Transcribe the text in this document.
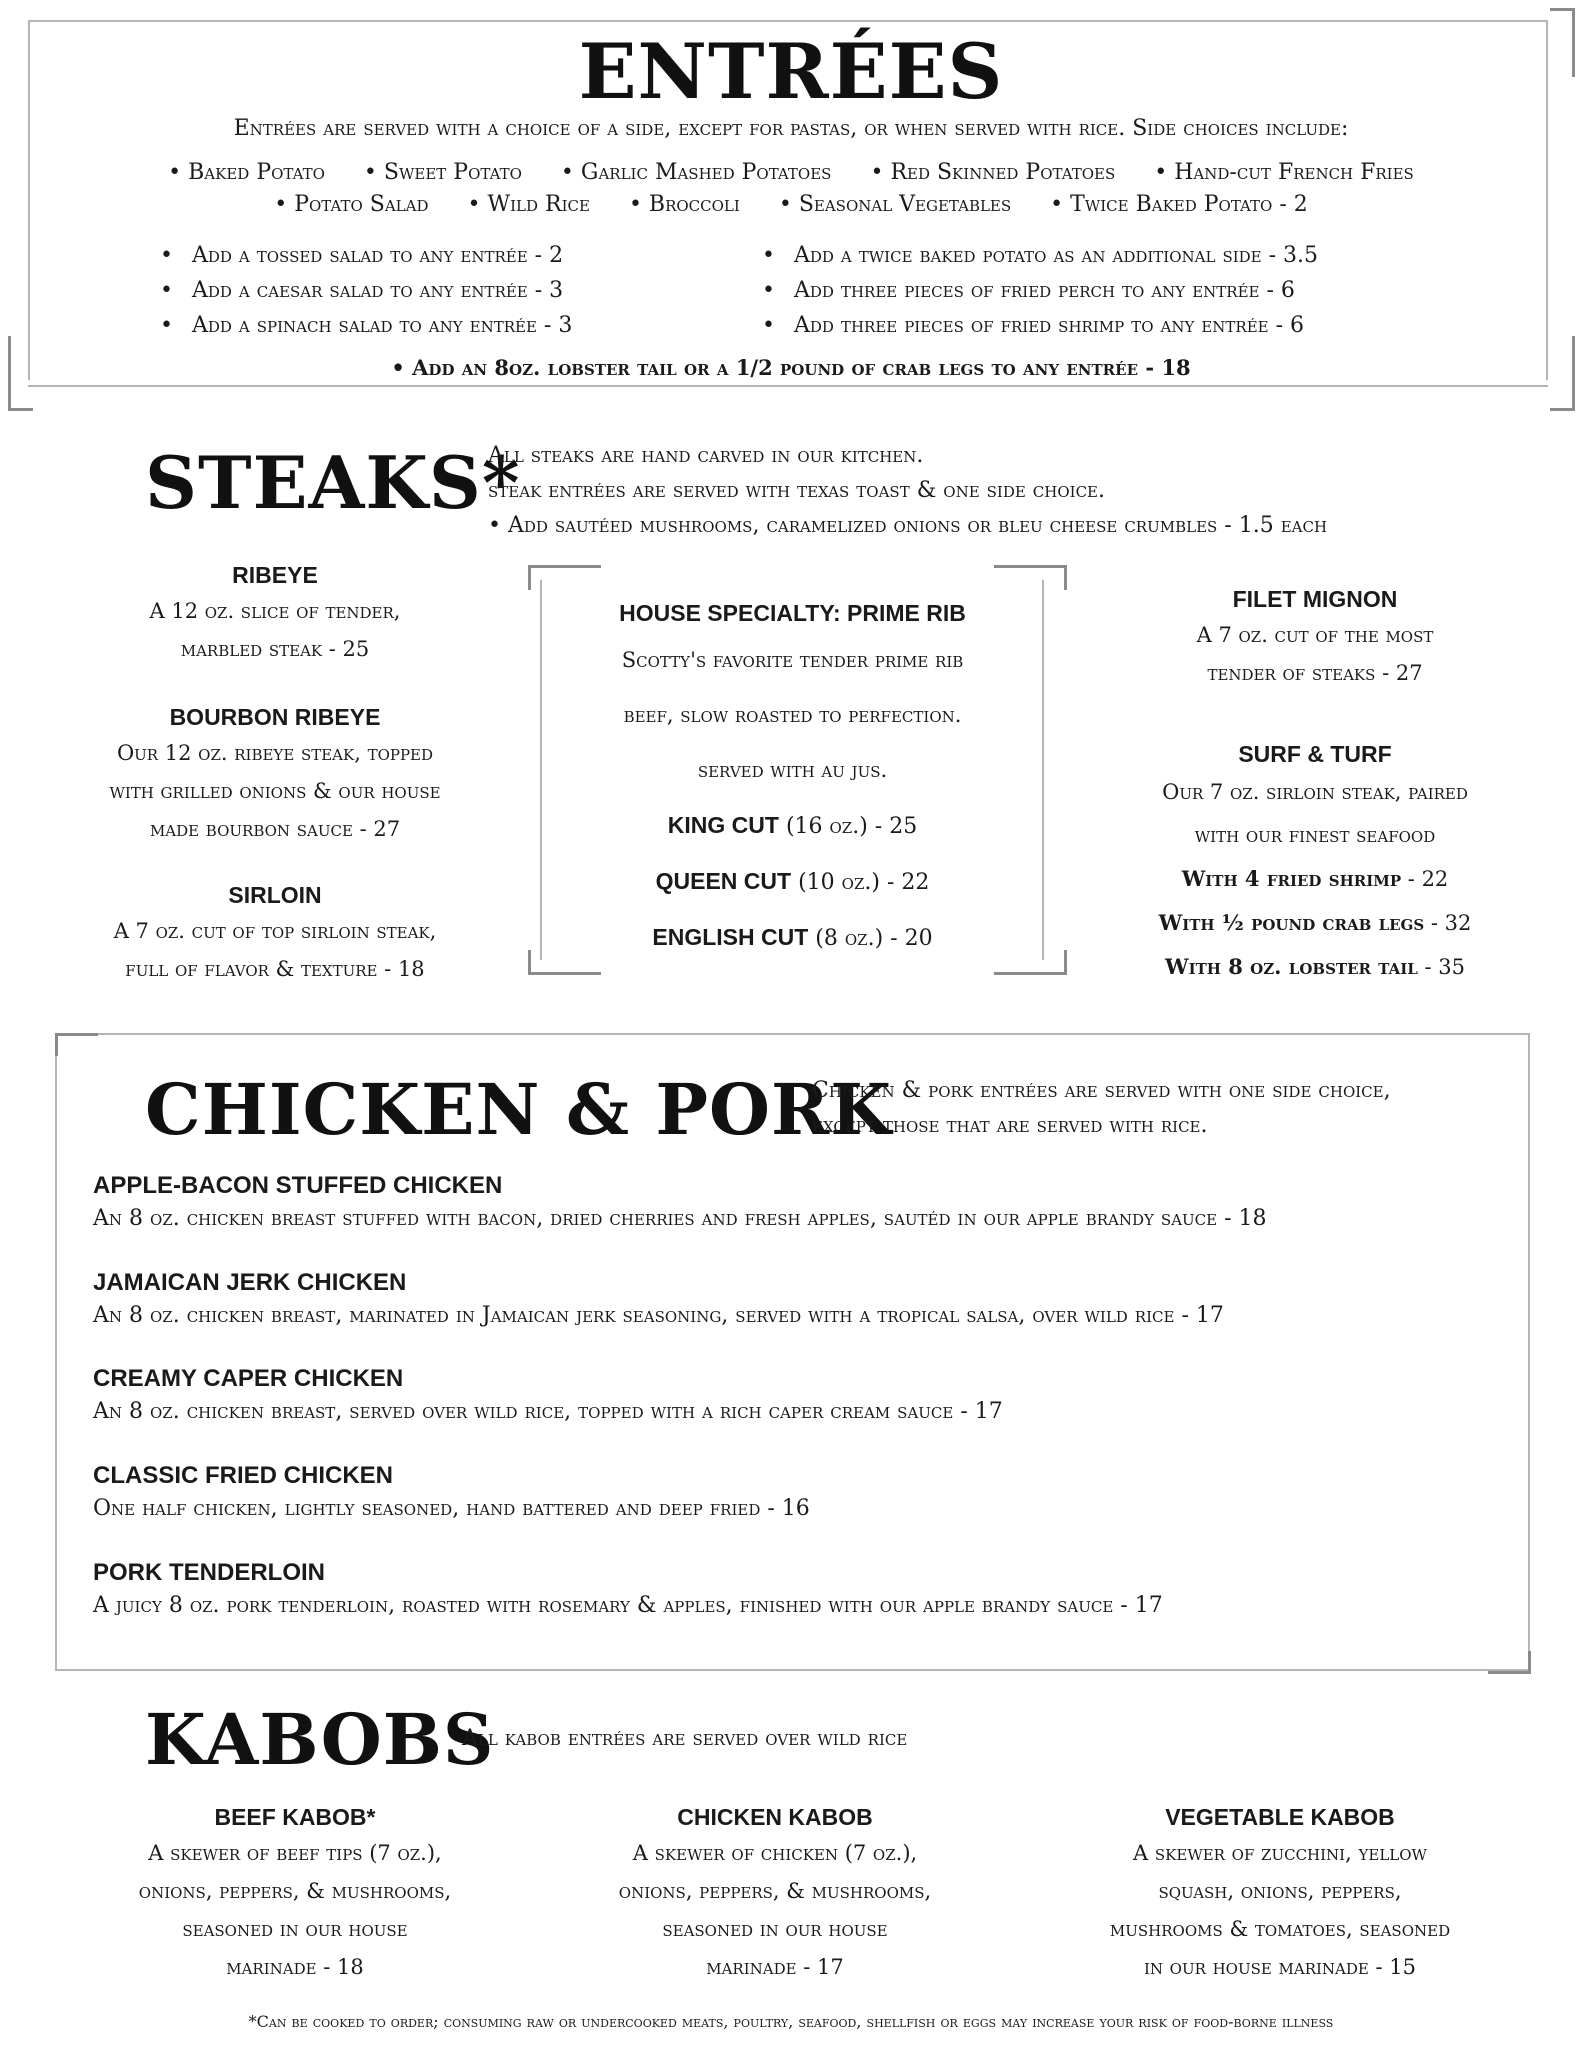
ENTRÉES
Entrées are served with a choice of a side, except for pastas, or when served with rice. Side choices include:
• Baked Potato	• Sweet Potato	• Garlic Mashed Potatoes	• Red Skinned Potatoes	• Hand-cut French Fries
• Potato Salad	• Wild Rice	• Broccoli	• Seasonal Vegetables	• Twice Baked Potato - 2
• Add a tossed salad to any entrée - 2
• Add a caesar salad to any entrée - 3
• Add a spinach salad to any entrée - 3
• Add a twice baked potato as an additional side - 3.5
• Add three pieces of fried perch to any entrée - 6
• Add three pieces of fried shrimp to any entrée - 6
• Add an 8oz. lobster tail or a 1/2 pound of crab legs to any entrée - 18
STEAKS*
All steaks are hand carved in our kitchen.
steak entrées are served with texas toast & one side choice.
• Add sautéed mushrooms, caramelized onions or bleu cheese crumbles - 1.5 each
RIBEYE
A 12 oz. slice of tender,
marbled steak - 25
BOURBON RIBEYE
Our 12 oz. ribeye steak, topped
with grilled onions & our house
made bourbon sauce - 27
SIRLOIN
A 7 oz. cut of top sirloin steak,
full of flavor & texture - 18
HOUSE SPECIALTY: PRIME RIB
Scotty's favorite tender prime rib
beef, slow roasted to perfection.
served with au jus.
KING CUT (16 oz.) - 25
QUEEN CUT (10 oz.) - 22
ENGLISH CUT (8 oz.) - 20
FILET MIGNON
A 7 oz. cut of the most
tender of steaks - 27
SURF & TURF
Our 7 oz. sirloin steak, paired
with our finest seafood
With 4 fried shrimp - 22
With ½ pound crab legs - 32
With 8 oz. lobster tail - 35
CHICKEN & PORK
Chicken & pork entrées are served with one side choice,
except those that are served with rice.
APPLE-BACON STUFFED CHICKEN
An 8 oz. chicken breast stuffed with bacon, dried cherries and fresh apples, sautéd in our apple brandy sauce - 18
JAMAICAN JERK CHICKEN
An 8 oz. chicken breast, marinated in Jamaican jerk seasoning, served with a tropical salsa, over wild rice - 17
CREAMY CAPER CHICKEN
An 8 oz. chicken breast, served over wild rice, topped with a rich caper cream sauce - 17
CLASSIC FRIED CHICKEN
One half chicken, lightly seasoned, hand battered and deep fried - 16
PORK TENDERLOIN
A juicy 8 oz. pork tenderloin, roasted with rosemary & apples, finished with our apple brandy sauce - 17
KABOBS
All kabob entrées are served over wild rice
BEEF KABOB*
A skewer of beef tips (7 oz.),
onions, peppers, & mushrooms,
seasoned in our house
marinade - 18
CHICKEN KABOB
A skewer of chicken (7 oz.),
onions, peppers, & mushrooms,
seasoned in our house
marinade - 17
VEGETABLE KABOB
A skewer of zucchini, yellow
squash, onions, peppers,
mushrooms & tomatoes, seasoned
in our house marinade - 15
*Can be cooked to order; consuming raw or undercooked meats, poultry, seafood, shellfish or eggs may increase your risk of food-borne illness
